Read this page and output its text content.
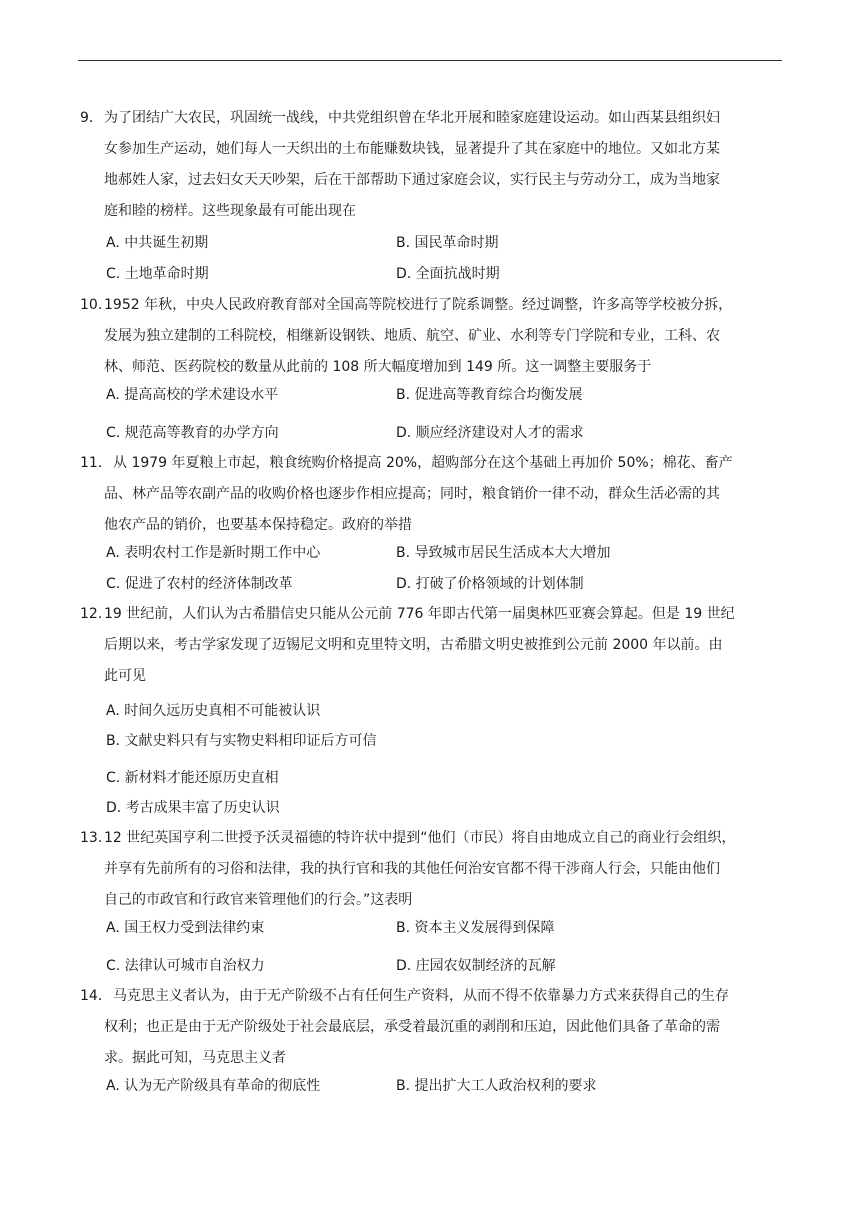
9． 为了团结广大农民，巩固统一战线，中共党组织曾在华北开展和睦家庭建设运动。如山西某县组织妇
女参加生产运动，她们每人一天织出的土布能赚数块钱，显著提升了其在家庭中的地位。又如北方某
地郝姓人家，过去妇女天天吵架，后在干部帮助下通过家庭会议，实行民主与劳动分工，成为当地家
庭和睦的榜样。这些现象最有可能出现在
A. 中共诞生初期	B. 国民革命时期
C. 土地革命时期	D. 全面抗战时期
10. 1952 年秋，中央人民政府教育部对全国高等院校进行了院系调整。经过调整，许多高等学校被分拆，
发展为独立建制的工科院校，相继新设钢铁、地质、航空、矿业、水利等专门学院和专业，工科、农
林、师范、医药院校的数量从此前的 108 所大幅度增加到 149 所。这一调整主要服务于
A. 提高高校的学术建设水平	B. 促进高等教育综合均衡发展
C. 规范高等教育的办学方向	D. 顺应经济建设对人才的需求
11． 从 1979 年夏粮上市起，粮食统购价格提高 20%，超购部分在这个基础上再加价 50%；棉花、畜产
品、林产品等农副产品的收购价格也逐步作相应提高；同时，粮食销价一律不动，群众生活必需的其
他农产品的销价，也要基本保持稳定。政府的举措
A. 表明农村工作是新时期工作中心	B. 导致城市居民生活成本大大增加
C. 促进了农村的经济体制改革	D. 打破了价格领域的计划体制
12. 19 世纪前，人们认为古希腊信史只能从公元前 776 年即古代第一届奥林匹亚赛会算起。但是 19 世纪
后期以来，考古学家发现了迈锡尼文明和克里特文明，古希腊文明史被推到公元前 2000 年以前。由
此可见
A. 时间久远历史真相不可能被认识
B. 文献史料只有与实物史料相印证后方可信
C. 新材料才能还原历史直相
D. 考古成果丰富了历史认识
13. 12 世纪英国亨利二世授予沃灵福德的特许状中提到“他们（市民）将自由地成立自己的商业行会组织，
并享有先前所有的习俗和法律，我的执行官和我的其他任何治安官都不得干涉商人行会，只能由他们
自己的市政官和行政官来管理他们的行会。”这表明
A. 国王权力受到法律约束	B. 资本主义发展得到保障
C. 法律认可城市自治权力	D. 庄园农奴制经济的瓦解
14． 马克思主义者认为，由于无产阶级不占有任何生产资料，从而不得不依靠暴力方式来获得自己的生存
权利；也正是由于无产阶级处于社会最底层，承受着最沉重的剥削和压迫，因此他们具备了革命的需
求。据此可知，马克思主义者
A. 认为无产阶级具有革命的彻底性	B. 提出扩大工人政治权利的要求
